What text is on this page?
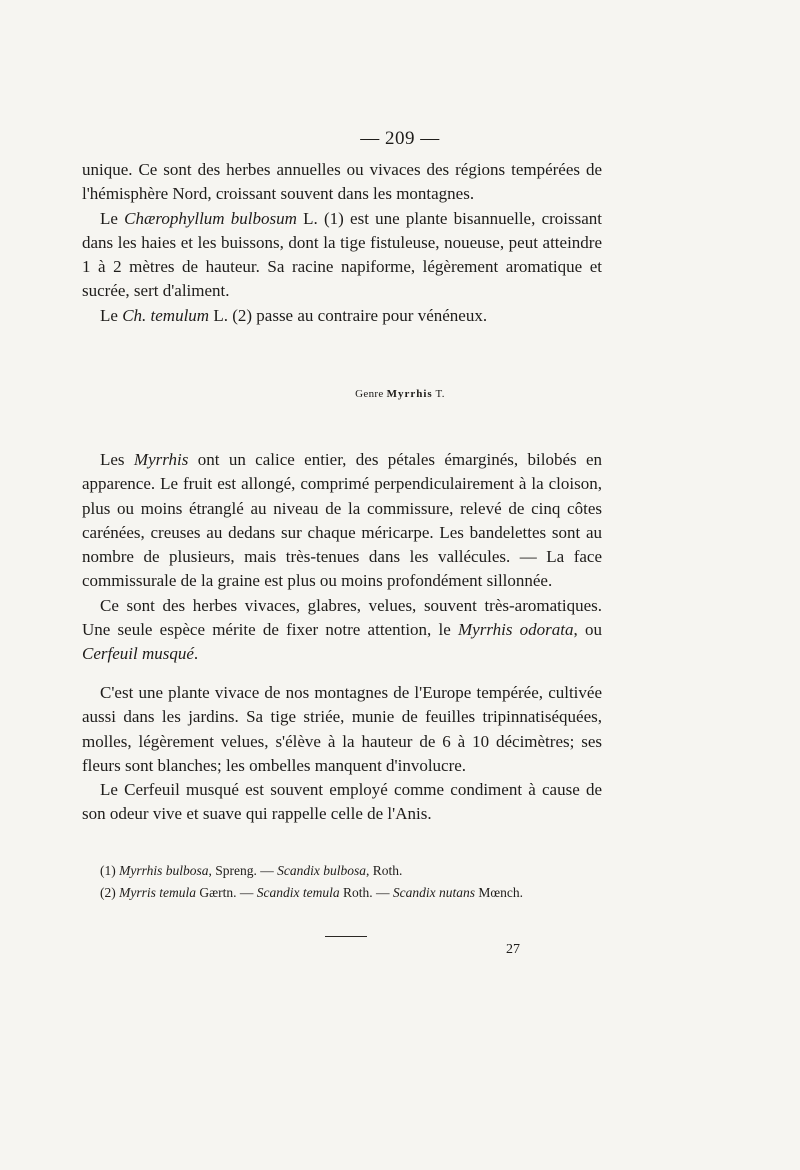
— 209 —

unique. Ce sont des herbes annuelles ou vivaces des régions tempérées de l'hémisphère Nord, croissant souvent dans les montagnes.

Le Chærophyllum bulbosum L. (1) est une plante bisannuelle, croissant dans les haies et les buissons, dont la tige fistuleuse, noueuse, peut atteindre 1 à 2 mètres de hauteur. Sa racine napiforme, légèrement aromatique et sucrée, sert d'aliment.

Le Ch. temulum L. (2) passe au contraire pour vénéneux.

Genre Myrrhis T.

Les Myrrhis ont un calice entier, des pétales émarginés, bilobés en apparence. Le fruit est allongé, comprimé perpendiculairement à la cloison, plus ou moins étranglé au niveau de la commissure, relevé de cinq côtes carénées, creuses au dedans sur chaque méricarpe. Les bandelettes sont au nombre de plusieurs, mais très-tenues dans les vallécules. — La face commissurale de la graine est plus ou moins profondément sillonnée.

Ce sont des herbes vivaces, glabres, velues, souvent très-aromatiques. Une seule espèce mérite de fixer notre attention, le Myrrhis odorata, ou Cerfeuil musqué.

C'est une plante vivace de nos montagnes de l'Europe tempérée, cultivée aussi dans les jardins. Sa tige striée, munie de feuilles tripinnatiséquées, molles, légèrement velues, s'élève à la hauteur de 6 à 10 décimètres; ses fleurs sont blanches; les ombelles manquent d'involucre.

Le Cerfeuil musqué est souvent employé comme condiment à cause de son odeur vive et suave qui rappelle celle de l'Anis.

(1) Myrrhis bulbosa, Spreng. — Scandix bulbosa, Roth.

(2) Myrris temula Gærtn. — Scandix temula Roth. — Scandix nutans Mœnch.

27
